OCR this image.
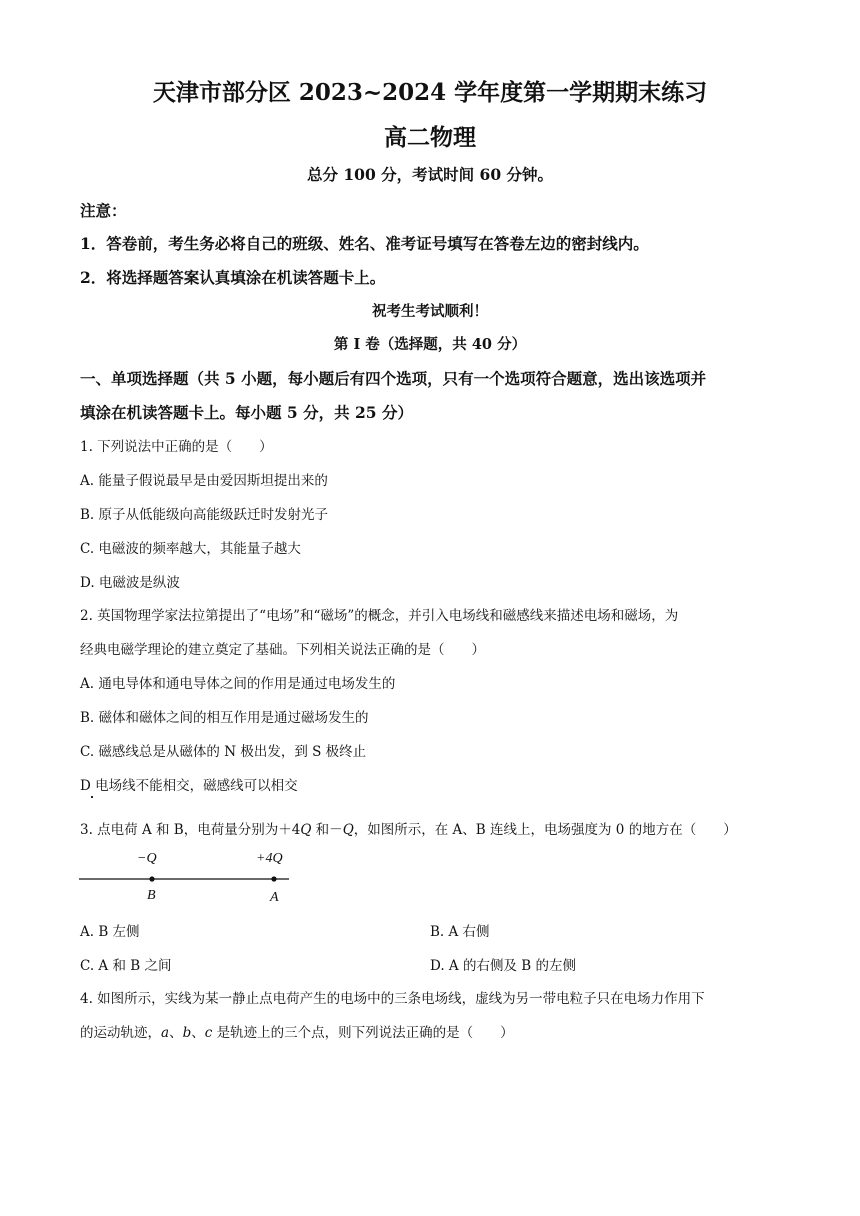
天津市部分区 2023~2024 学年度第一学期期末练习
高二物理
总分 100 分，考试时间 60 分钟。
注意：
1．答卷前，考生务必将自己的班级、姓名、准考证号填写在答卷左边的密封线内。
2．将选择题答案认真填涂在机读答题卡上。
祝考生考试顺利！
第 I 卷（选择题，共 40 分）
一、单项选择题（共 5 小题，每小题后有四个选项，只有一个选项符合题意，选出该选项并
填涂在机读答题卡上。每小题 5 分，共 25 分）
1. 下列说法中正确的是（　　）
A. 能量子假说最早是由爱因斯坦提出来的
B. 原子从低能级向高能级跃迁时发射光子
C. 电磁波的频率越大，其能量子越大
D. 电磁波是纵波
2. 英国物理学家法拉第提出了“电场”和“磁场”的概念，并引入电场线和磁感线来描述电场和磁场，为
经典电磁学理论的建立奠定了基础。下列相关说法正确的是（　　）
A. 通电导体和通电导体之间的作用是通过电场发生的
B. 磁体和磁体之间的相互作用是通过磁场发生的
C. 磁感线总是从磁体的 N 极出发，到 S 极终止
D 电场线不能相交，磁感线可以相交
3. 点电荷 A 和 B，电荷量分别为＋4Q 和－Q，如图所示，在 A、B 连线上，电场强度为 0 的地方在（　　）
−Q	+4Q
B	A
A. B 左侧	B. A 右侧
C. A 和 B 之间	D. A 的右侧及 B 的左侧
4. 如图所示，实线为某一静止点电荷产生的电场中的三条电场线，虚线为另一带电粒子只在电场力作用下
的运动轨迹，a、b、c 是轨迹上的三个点，则下列说法正确的是（　　）
